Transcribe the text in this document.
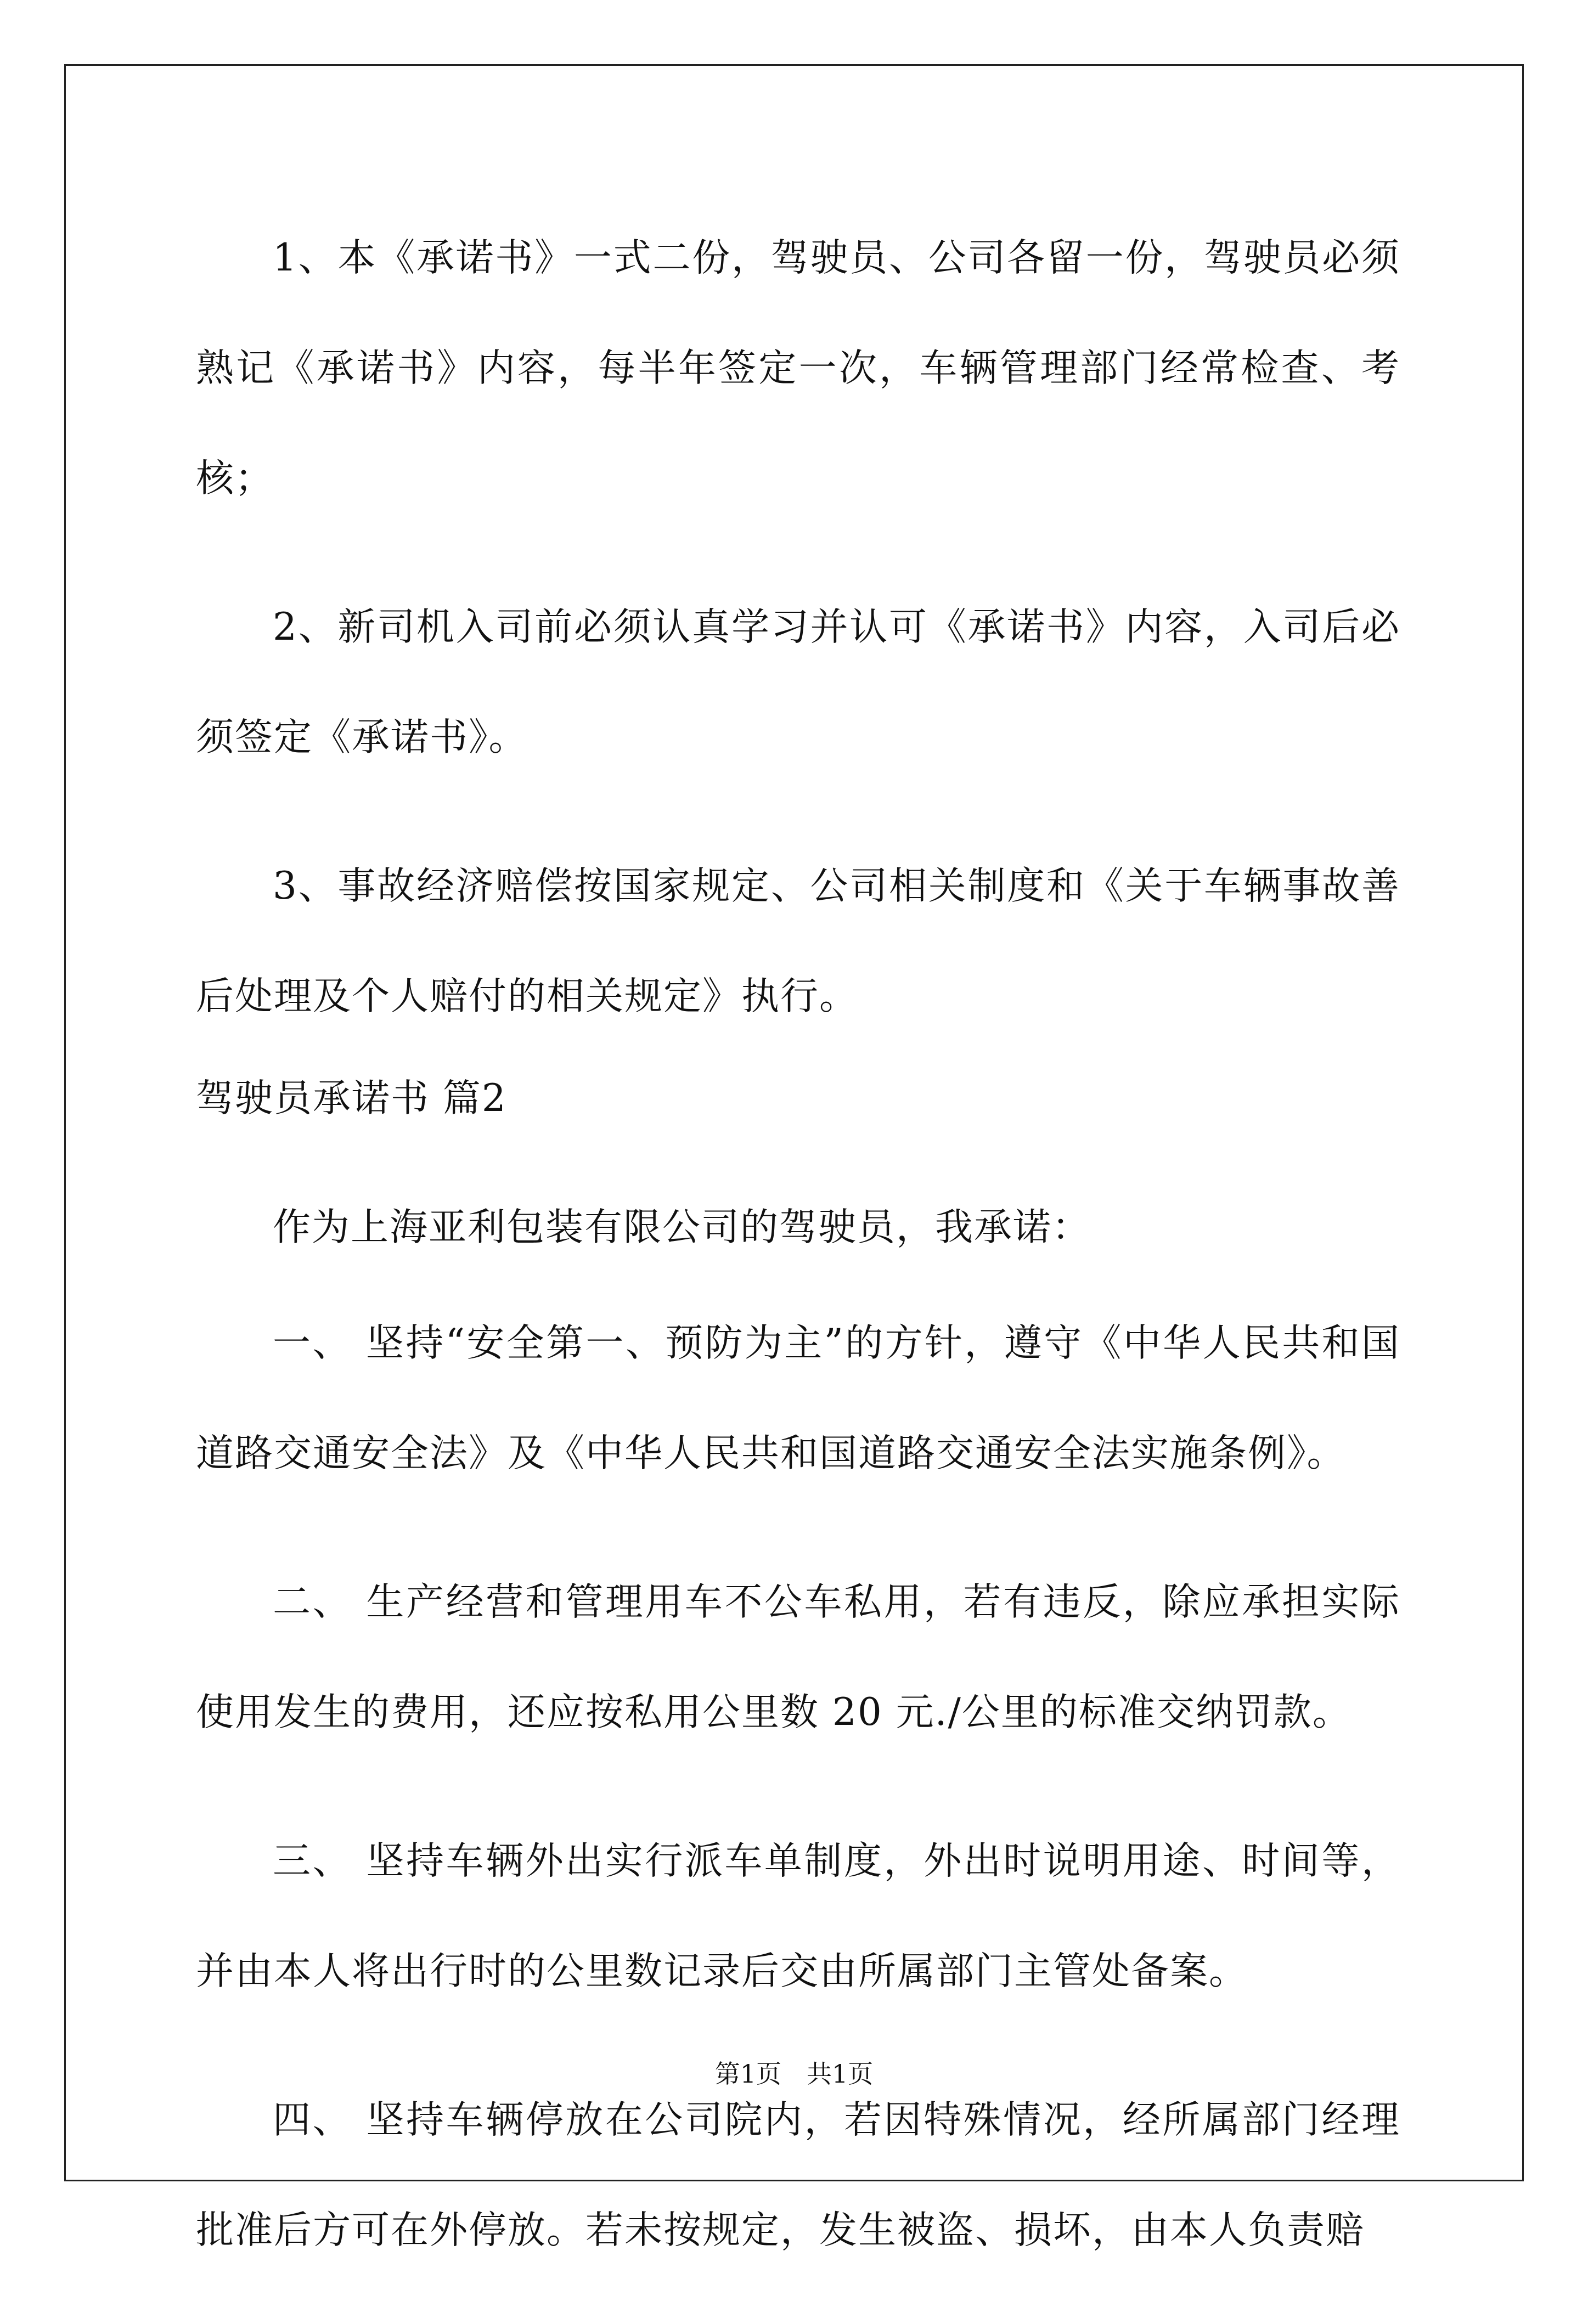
1、本《承诺书》一式二份，驾驶员、公司各留一份，驾驶员必须熟记《承诺书》内容，每半年签定一次，车辆管理部门经常检查、考核；

2、新司机入司前必须认真学习并认可《承诺书》内容，入司后必须签定《承诺书》。

3、事故经济赔偿按国家规定、公司相关制度和《关于车辆事故善后处理及个人赔付的相关规定》执行。

驾驶员承诺书 篇2

作为上海亚利包装有限公司的驾驶员，我承诺：

一、 坚持“安全第一、预防为主”的方针，遵守《中华人民共和国道路交通安全法》及《中华人民共和国道路交通安全法实施条例》。

二、 生产经营和管理用车不公车私用，若有违反，除应承担实际使用发生的费用，还应按私用公里数 20 元./公里的标准交纳罚款。

三、 坚持车辆外出实行派车单制度，外出时说明用途、时间等，并由本人将出行时的公里数记录后交由所属部门主管处备案。

四、 坚持车辆停放在公司院内，若因特殊情况，经所属部门经理批准后方可在外停放。若未按规定，发生被盗、损坏，由本人负责赔

第1页　共1页
